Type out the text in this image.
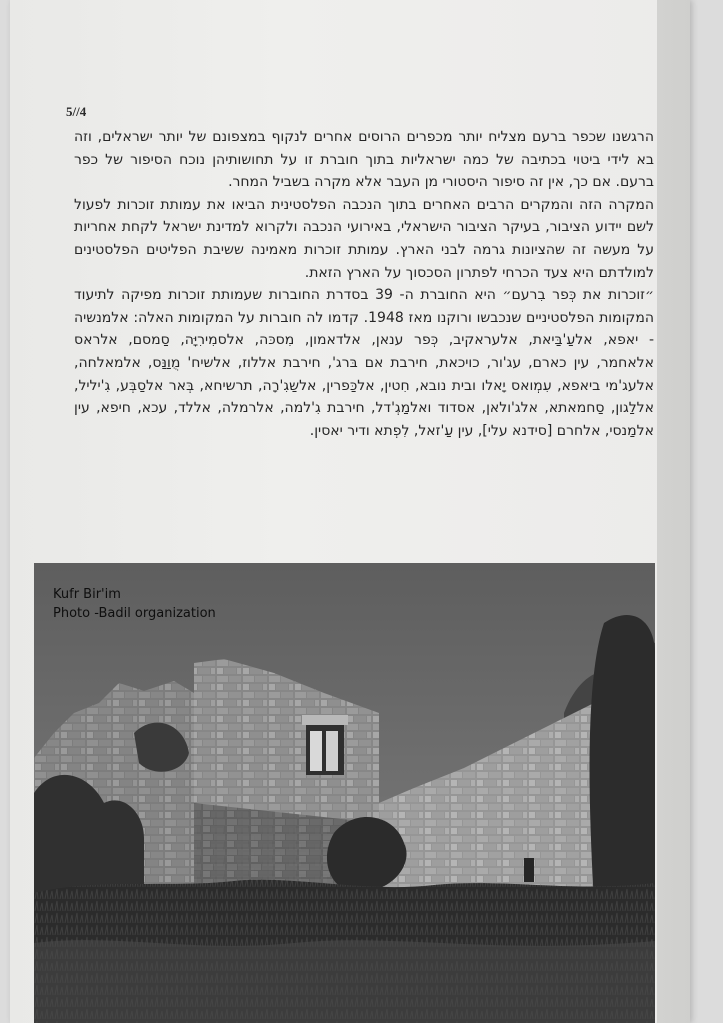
5//4

הרגשנו שכפר ברעם מצליח יותר מכפרים הרוסים אחרים לנקוף במצפונם של יותר ישראלים, וזה בא לידי ביטוי בכתיבה של כמה ישראליות בתוך חוברת זו על תחושותיהן נוכח הסיפור של כפר ברעם. אם כך, אין זה סיפור היסטורי מן העבר אלא מקרה בשביל המחר.

המקרה הזה והמקרים הרבים האחרים בתוך הנכבה הפלסטינית הביאו את עמותת זוכרות לפעול לשם יידוע הציבור, בעיקר הציבור הישראלי, באירועי הנכבה ולקרוא למדינת ישראל לקחת אחריות על מעשה זה שהציונות גרמה לבני הארץ. עמותת זוכרות מאמינה ששיבת הפליטים הפלסטינים למולדתם היא צעד הכרחי לפתרון הסכסוך על הארץ הזאת.

״זוכרות את כְּפר בִרעם״ היא החוברת ה- 39 בסדרת החוברות שעמותת זוכרות מפיקה לתיעוד המקומות הפלסטיניים שנכבשו ורוקנו מאז 1948. קדמו לה חוברות על המקומות האלה: אלמנשיה - יאפא, אלעַ'בַּיאת, אלעראקיב, כְּפר ענאן, אלדאמון, מִסכּה, אלסמִירִיָּה, סַמסם, אלראס אלאחמר, עין כארם, עג'ור, כויכאת, חירבת אם בּרג', חירבת אללוז, אלשיח' מֻוַנַּס, אלמאלחה, אלעג'מי ביאפא, עִמְואס יָאלו ובית נובא, חִטין, אלכַּפרין, אלשַגִ'רָה, תרשיחא, בְּאר אלסַבְּע, גִ'יליל, אללַגון, סַחמאתא, אלג'ולאן, אסדוד ואלמַגְ'דל, חירבת גִ'למה, אלרמלה, אללד, עכא, חיפא, עין אלמַנסי, אלחרם [סידנא עלי], עין עַ'זאל, לִפְתא ודיר יאסין.

Kufr Bir'im
Photo -Badil organization
